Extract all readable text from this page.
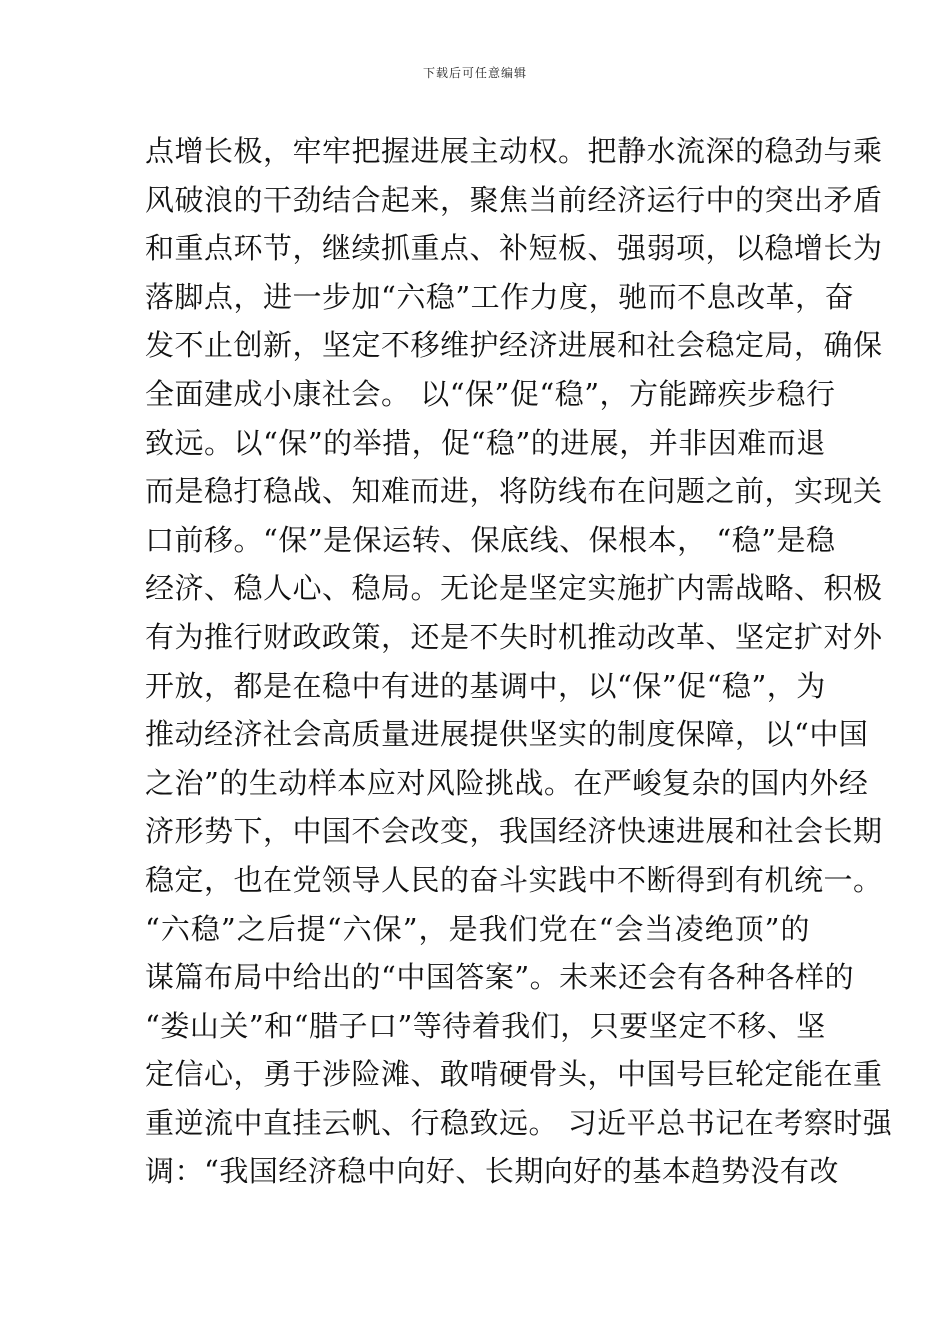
下载后可任意编辑
点增长极，牢牢把握进展主动权。把静水流深的稳劲与乘
风破浪的干劲结合起来，聚焦当前经济运行中的突出矛盾
和重点环节，继续抓重点、补短板、强弱项，以稳增长为
落脚点，进一步加“六稳”工作力度，驰而不息改革，奋
发不止创新，坚定不移维护经济进展和社会稳定局，确保
全面建成小康社会。 以“保”促“稳”，方能蹄疾步稳行
致远。以“保”的举措，促“稳”的进展，并非因难而退
而是稳打稳战、知难而进，将防线布在问题之前，实现关
口前移。“保”是保运转、保底线、保根本， “稳”是稳
经济、稳人心、稳局。无论是坚定实施扩内需战略、积极
有为推行财政政策，还是不失时机推动改革、坚定扩对外
开放，都是在稳中有进的基调中，以“保”促“稳”，为
推动经济社会高质量进展提供坚实的制度保障，以“中国
之治”的生动样本应对风险挑战。在严峻复杂的国内外经
济形势下，中国不会改变，我国经济快速进展和社会长期
稳定，也在党领导人民的奋斗实践中不断得到有机统一。
“六稳”之后提“六保”，是我们党在“会当凌绝顶”的
谋篇布局中给出的“中国答案”。未来还会有各种各样的
“娄山关”和“腊子口”等待着我们，只要坚定不移、坚
定信心，勇于涉险滩、敢啃硬骨头，中国号巨轮定能在重
重逆流中直挂云帆、行稳致远。 习近平总书记在考察时强
调：“我国经济稳中向好、长期向好的基本趋势没有改
